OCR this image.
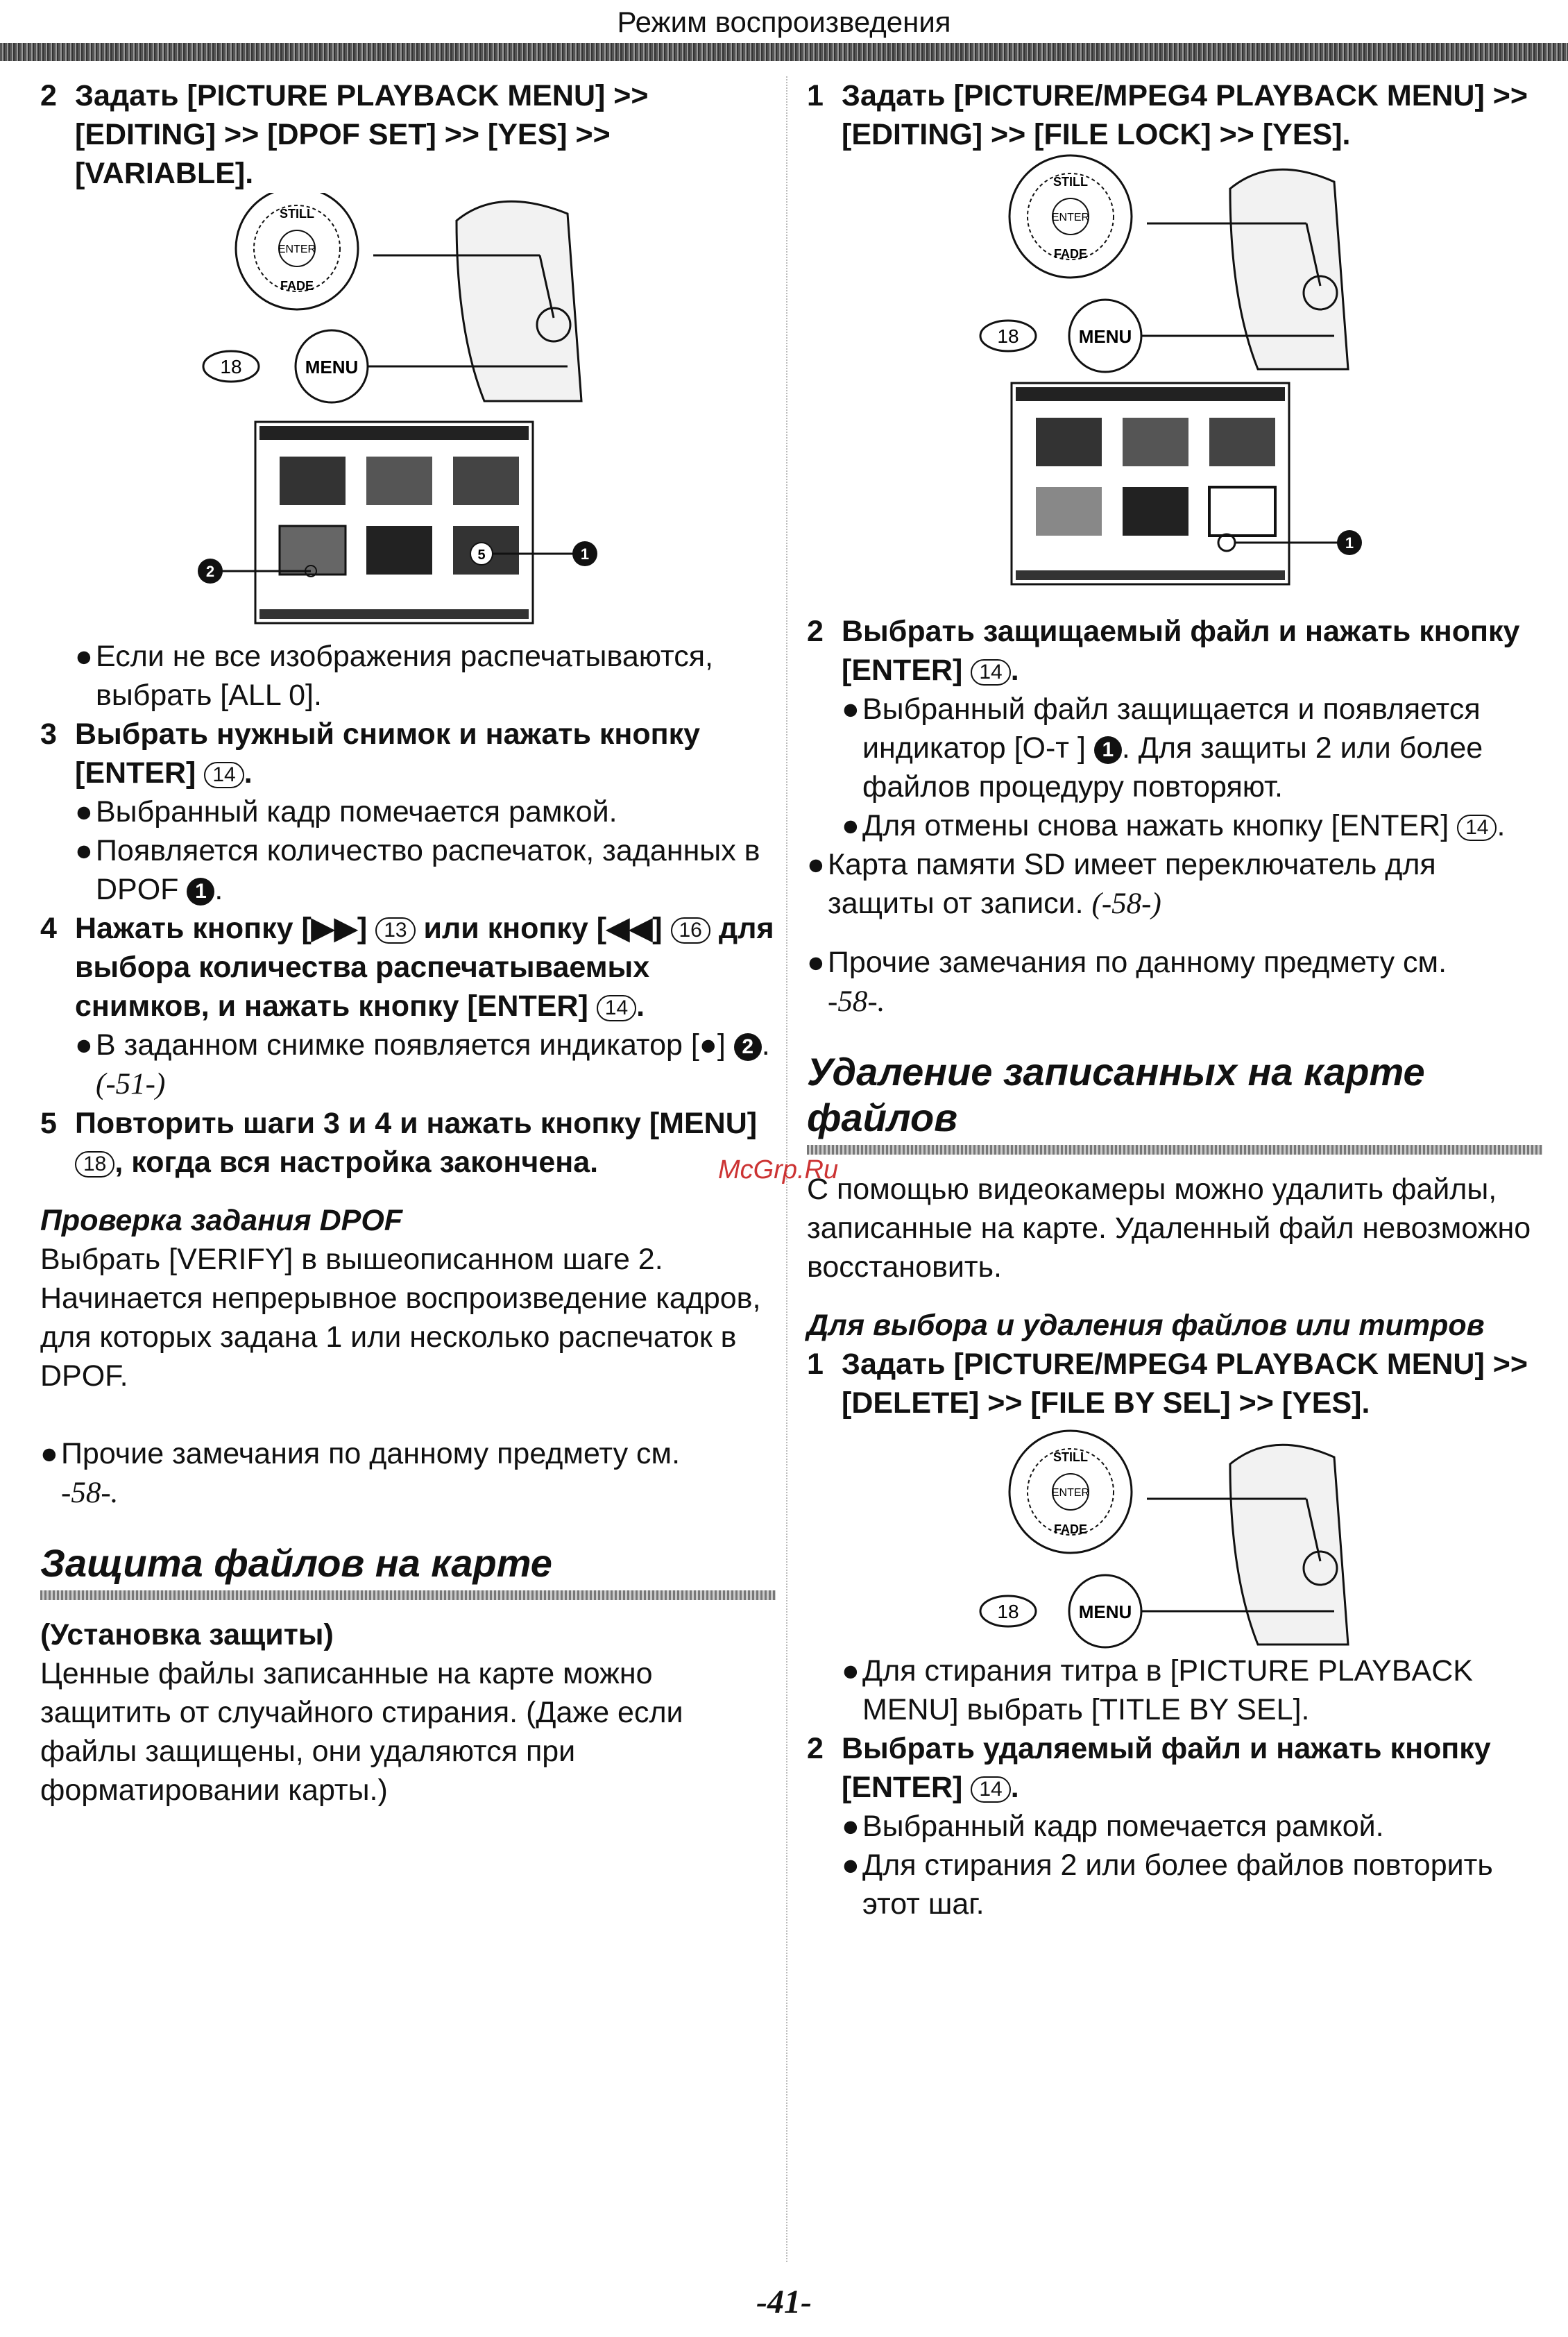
Режим воспроизведения
2 Задать [PICTURE PLAYBACK MENU] >> [EDITING] >> [DPOF SET] >> [YES] >> [VARIABLE].
ENTER
STILL
FADE
18	MENU
5	1
2
● Если не все изображения распечатываются, выбрать [ALL 0].
3 Выбрать нужный снимок и нажать кнопку [ENTER] 14 .
● Выбранный кадр помечается рамкой.
● Появляется количество распечаток, заданных в DPOF 1 .
4 Нажать кнопку [▶▶] 13 или кнопку [◀◀] 16 для выбора количества распечатываемых снимков, и нажать кнопку [ENTER] 14 .
● В заданном снимке появляется индикатор [●] 2 . (-51-)
5 Повторить шаги 3 и 4 и нажать кнопку [MENU] 18 , когда вся настройка закончена.
Проверка задания DPOF
Выбрать [VERIFY] в вышеописанном шаге 2. Начинается непрерывное воспроизведение кадров, для которых задана 1 или несколько распечаток в DPOF.
● Прочие замечания по данному предмету см.
-58-.
Защита файлов на карте
(Установка защиты)
Ценные файлы записанные на карте можно защитить от случайного стирания. (Даже если файлы защищены, они удаляются при форматировании карты.)
1 Задать [PICTURE/MPEG4 PLAYBACK MENU] >> [EDITING] >> [FILE LOCK] >> [YES].
ENTER
STILL
FADE
18	MENU
1
2 Выбрать защищаемый файл и нажать кнопку [ENTER] 14 .
● Выбранный файл защищается и появляется индикатор [О‑т ] 1 . Для защиты 2 или более файлов процедуру повторяют.
● Для отмены снова нажать кнопку [ENTER] 14 .
● Карта памяти SD имеет переключатель для защиты от записи. (-58-)
● Прочие замечания по данному предмету см.
-58-.
Удаление записанных на карте файлов
С помощью видеокамеры можно удалить файлы, записанные на карте. Удаленный файл невозможно восстановить.
Для выбора и удаления файлов или титров
1 Задать [PICTURE/MPEG4 PLAYBACK MENU] >> [DELETE] >> [FILE BY SEL] >> [YES].
ENTER
STILL
FADE
18	MENU
● Для стирания титра в [PICTURE PLAYBACK MENU] выбрать [TITLE BY SEL].
2 Выбрать удаляемый файл и нажать кнопку [ENTER] 14 .
● Выбранный кадр помечается рамкой.
● Для стирания 2 или более файлов повторить этот шаг.
McGrp.Ru
-41-
